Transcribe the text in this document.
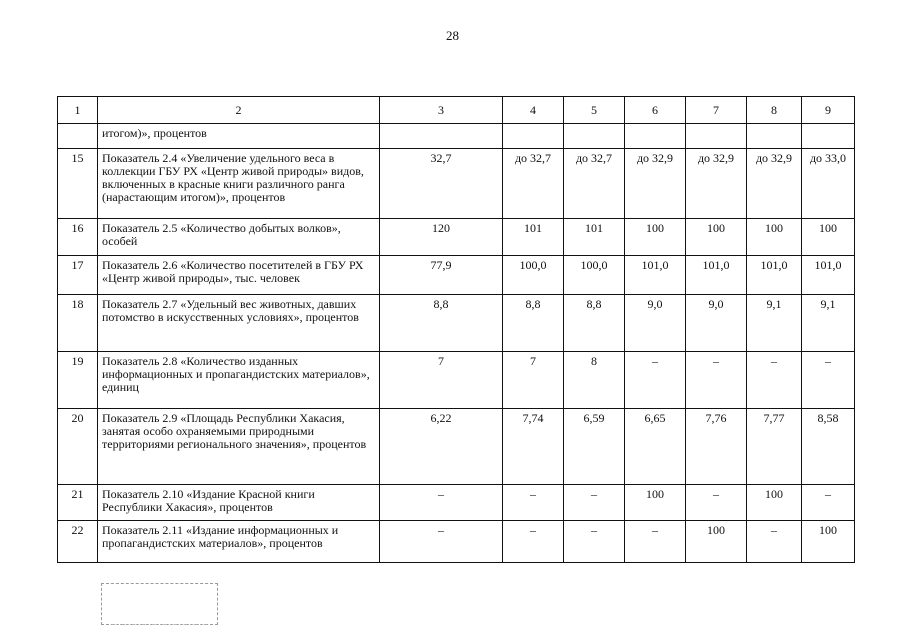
28
1	2	3	4	5	6	7	8	9
	итогом)», процентов							
15	Показатель 2.4 «Увеличение удельного веса в коллекции ГБУ РХ «Центр живой природы» видов, включенных в красные книги различного ранга (нарастающим итогом)», процентов	32,7	до 32,7	до 32,7	до 32,9	до 32,9	до 32,9	до 33,0
16	Показатель 2.5 «Количество добытых волков», особей	120	101	101	100	100	100	100
17	Показатель 2.6 «Количество посетителей в ГБУ РХ «Центр живой природы», тыс. человек	77,9	100,0	100,0	101,0	101,0	101,0	101,0
18	Показатель 2.7 «Удельный вес животных, давших потомство в искусственных условиях», процентов	8,8	8,8	8,8	9,0	9,0	9,1	9,1
19	Показатель 2.8 «Количество изданных информационных и пропагандистских материалов», единиц	7	7	8	–	–	–	–
20	Показатель 2.9 «Площадь Республики Хакасия, занятая особо охраняемыми природными территориями регионального значения», процентов	6,22	7,74	6,59	6,65	7,76	7,77	8,58
21	Показатель 2.10 «Издание Красной книги Республики Хакасия», процентов	–	–	–	100	–	100	–
22	Показатель 2.11 «Издание информационных и пропагандистских материалов», процентов	–	–	–	–	100	–	100
